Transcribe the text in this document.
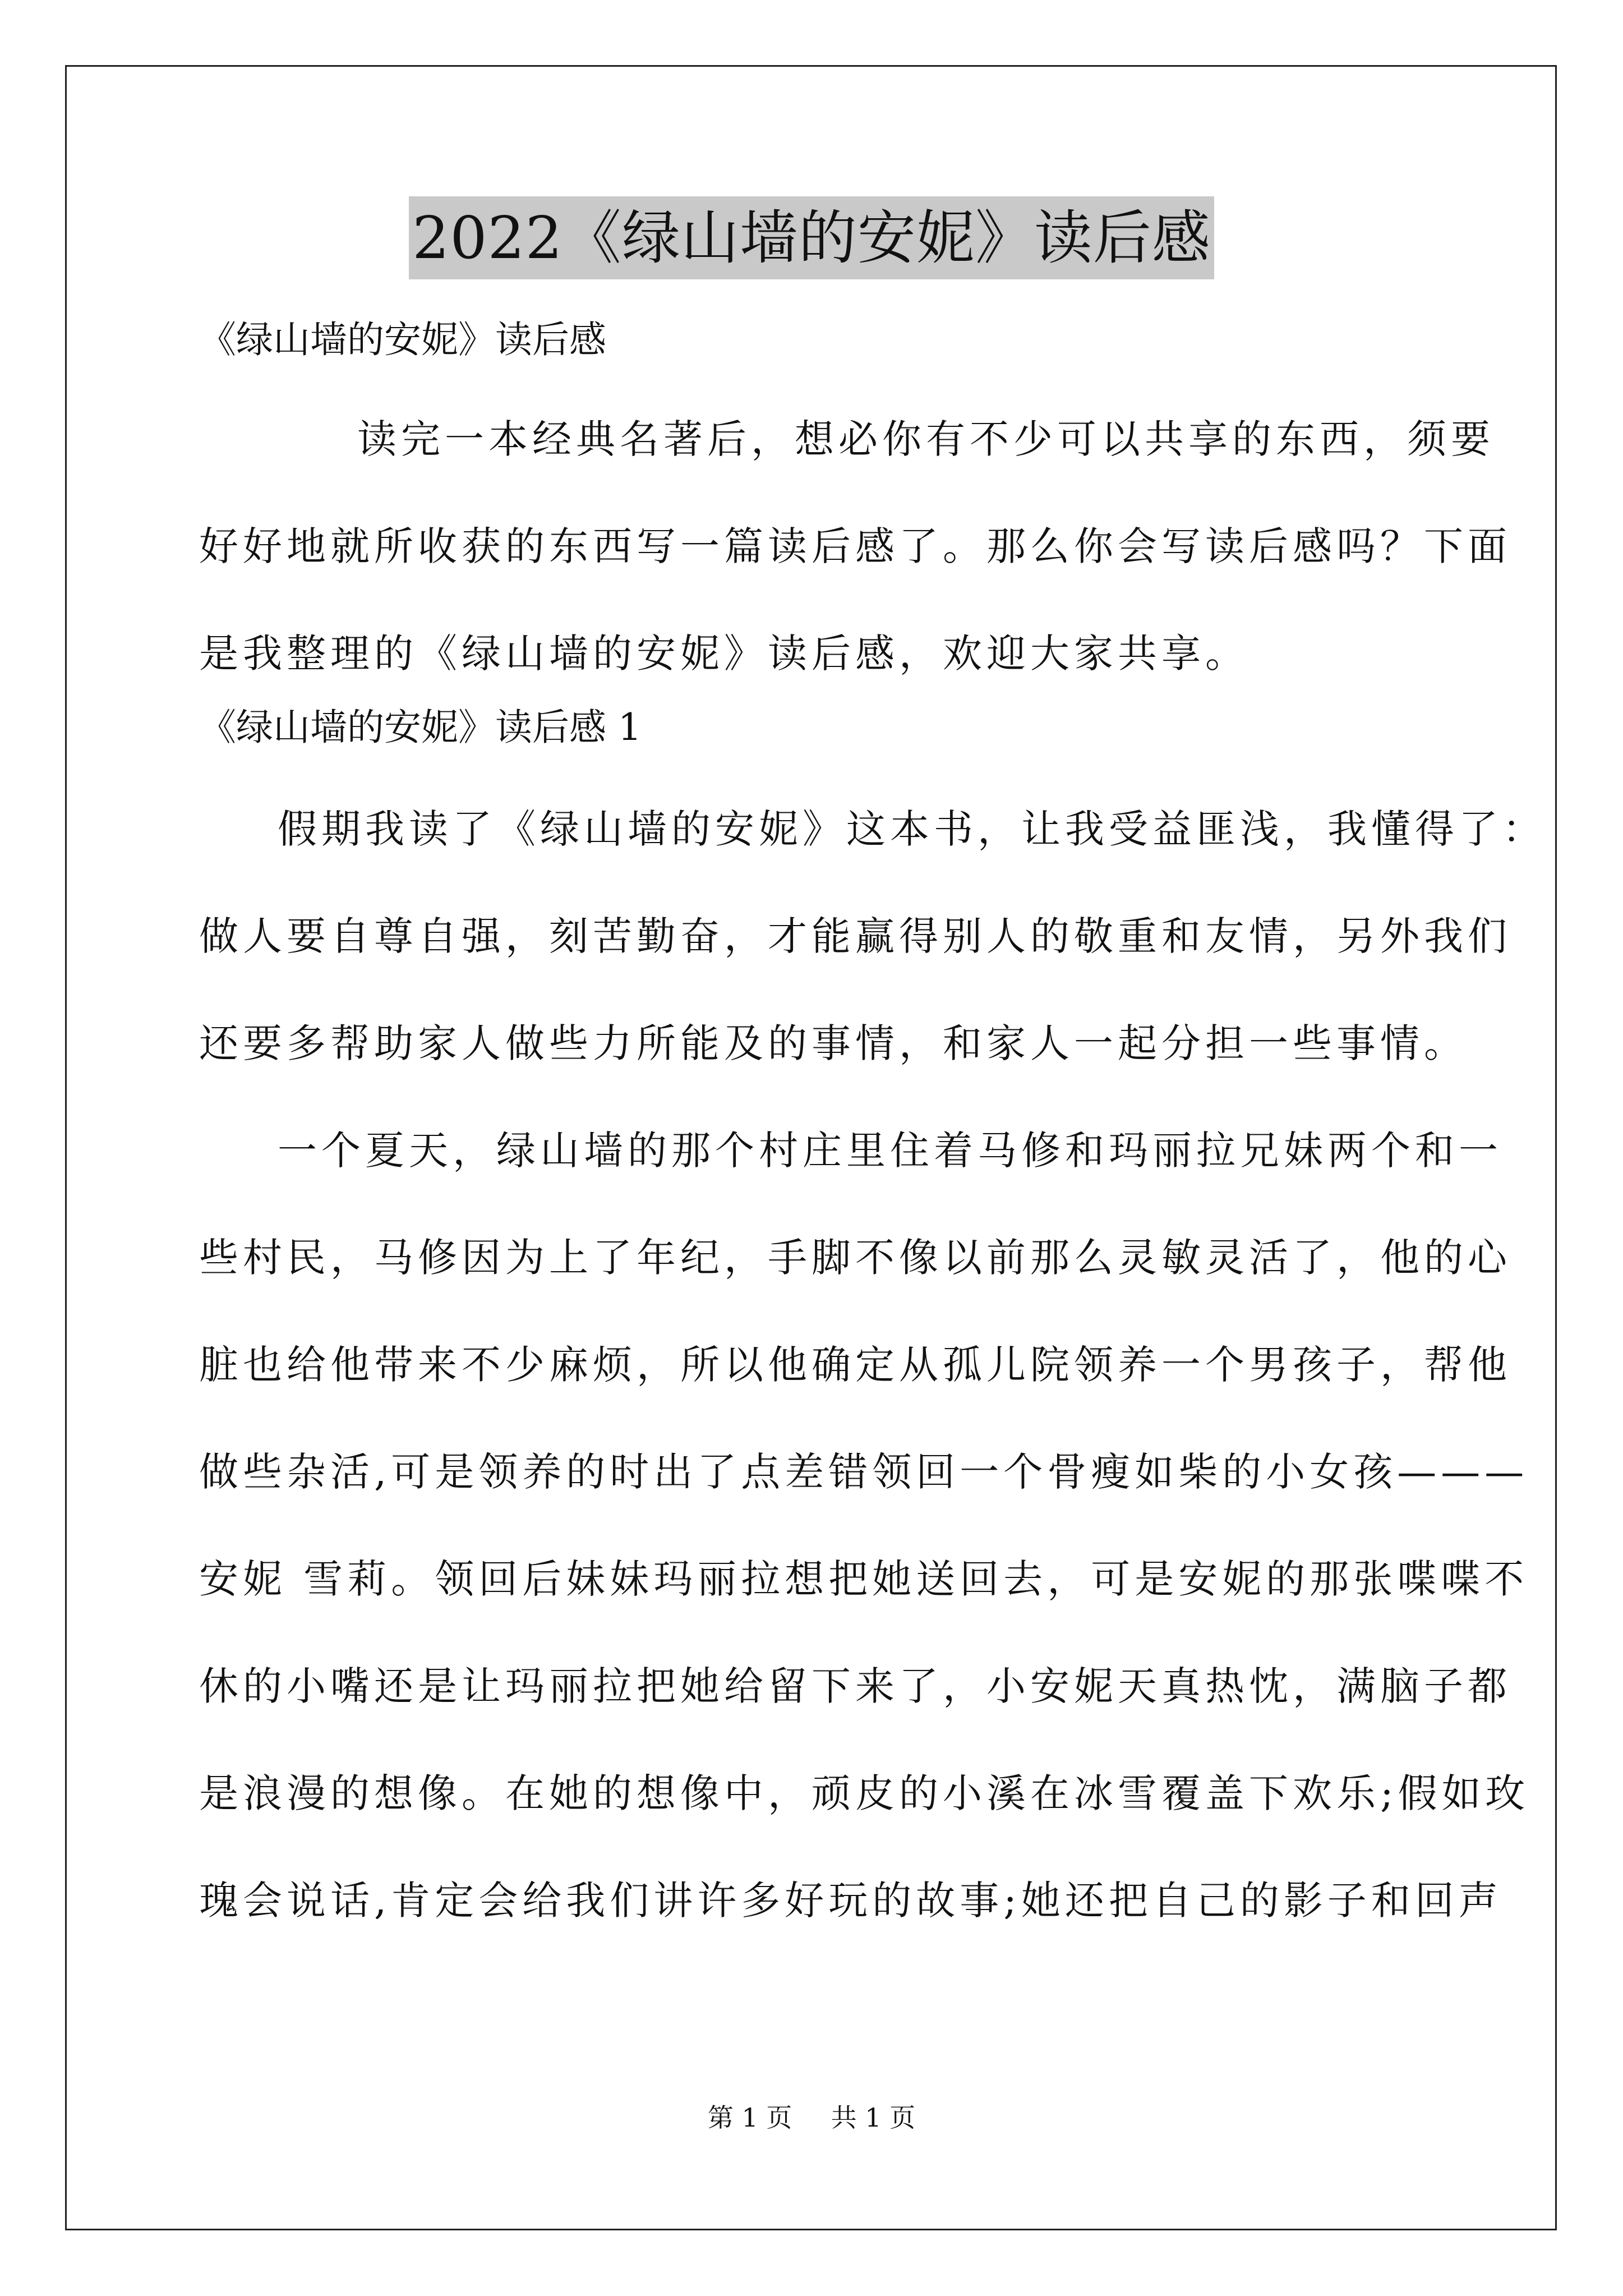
2022《绿山墙的安妮》读后感

《绿山墙的安妮》读后感

读完一本经典名著后，想必你有不少可以共享的东西，须要
好好地就所收获的东西写一篇读后感了。那么你会写读后感吗？下面
是我整理的《绿山墙的安妮》读后感，欢迎大家共享。

《绿山墙的安妮》读后感 1

假期我读了《绿山墙的安妮》这本书，让我受益匪浅，我懂得了：
做人要自尊自强，刻苦勤奋，才能赢得别人的敬重和友情，另外我们
还要多帮助家人做些力所能及的事情，和家人一起分担一些事情。

一个夏天，绿山墙的那个村庄里住着马修和玛丽拉兄妹两个和一
些村民，马修因为上了年纪，手脚不像以前那么灵敏灵活了，他的心
脏也给他带来不少麻烦，所以他确定从孤儿院领养一个男孩子，帮他
做些杂活,可是领养的时出了点差错领回一个骨瘦如柴的小女孩———
安妮 雪莉。领回后妹妹玛丽拉想把她送回去，可是安妮的那张喋喋不
休的小嘴还是让玛丽拉把她给留下来了，小安妮天真热忱，满脑子都
是浪漫的想像。在她的想像中，顽皮的小溪在冰雪覆盖下欢乐;假如玫
瑰会说话,肯定会给我们讲许多好玩的故事;她还把自己的影子和回声

第 1 页 共 1 页
